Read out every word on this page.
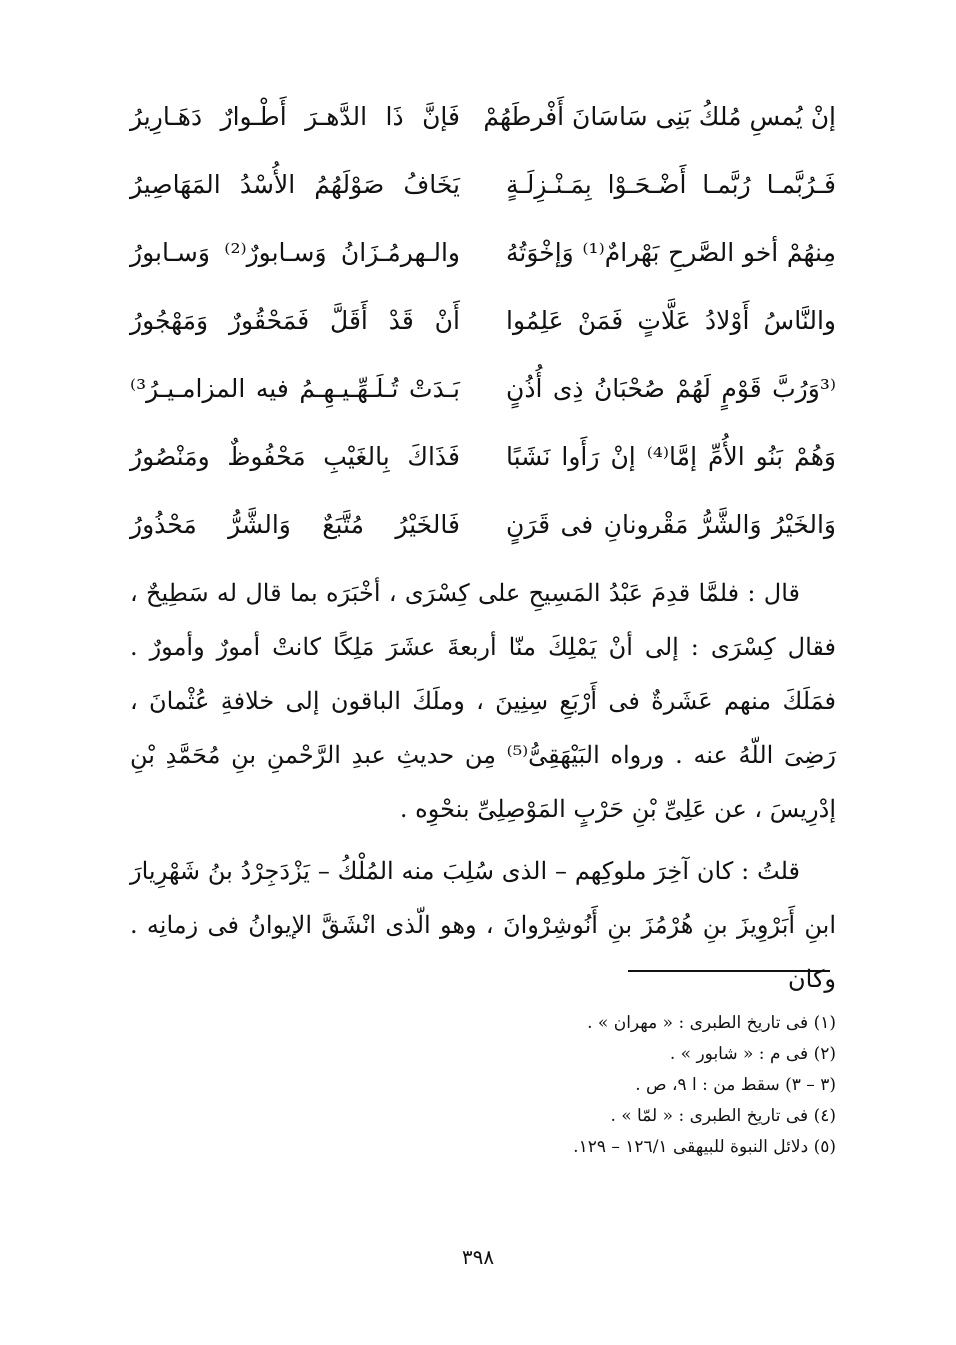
إنْ يُمسِ مُلكُ بَنِى سَاسَانَ أَفْرطَهُمْ
فَإنَّ ذَا الدَّهـرَ أَطْـوارٌ دَهَـارِيرُ
فَـرُبَّمـا رُبَّمـا أَضْـحَـوْا بِمَـنْـزِلَـةٍ
يَخَافُ صَوْلَهُمُ الأُسْدُ المَهَاصِيرُ
مِنهُمْ أخو الصَّرحِ بَهْرامٌ⁽¹⁾ وَإخْوَتُهُ
والـهرمُـزَانُ وَسـابورٌ⁽²⁾ وَسـابورُ
والنَّاسُ أَوْلادُ عَلَّاتٍ فَمَنْ عَلِمُوا
أَنْ قَدْ أَقَلَّ فَمَحْقُورٌ وَمَهْجُورُ
⁽³وَرُبَّ قَوْمٍ لَهُمْ صُحْبَانُ ذِى أُذُنٍ
بَـدَتْ تُـلَـهِّـيـهِـمُ فيه المزامـيـرُ³⁾
وَهُمْ بَنُو الأُمِّ إمَّا⁽⁴⁾ إنْ رَأَوا نَشَبًا
فَذَاكَ بِالغَيْبِ مَحْفُوظٌ ومَنْصُورُ
وَالخَيْرُ وَالشَّرُّ مَقْرونانِ فى قَرَنٍ
فَالخَيْرُ مُتَّبَعٌ وَالشَّرُّ مَحْذُورُ

قال : فلمَّا قدِمَ عَبْدُ المَسِيحِ على كِسْرَى ، أخْبَرَه بما قال له سَطِيحٌ ، فقال كِسْرَى : إلى أنْ يَمْلِكَ منّا أربعةَ عشَرَ مَلِكًا كانتْ أمورٌ وأمورٌ . فمَلَكَ منهم عَشَرةٌ فى أَرْبَعِ سِنِينَ ، وملَكَ الباقون إلى خلافةِ عُثْمانَ ، رَضِىَ اللّهُ عنه . ورواه البَيْهَقِىُّ⁽⁵⁾ مِن حديثِ عبدِ الرَّحْمنِ بنِ مُحَمَّدِ بْنِ إدْرِيسَ ، عن عَلِىِّ بْنِ حَرْبٍ المَوْصِلِىِّ بنحْوِه .

قلتُ : كان آخِرَ ملوكِهم – الذى سُلِبَ منه المُلْكُ – يَزْدَجِرْدُ بنُ شَهْرِيارَ ابنِ أَبَرْوِيزَ بنِ هُرْمُزَ بنِ أَنُوشِرْوانَ ، وهو الّذى انْشَقَّ الإيوانُ فى زمانِه . وكان

(١) فى تاريخ الطبرى : « مهران » .
(٢) فى م : « شابور » .
(٣ – ٣) سقط من : ا ٩، ص .
(٤) فى تاريخ الطبرى : « لمّا » .
(٥) دلائل النبوة للبيهقى ١٢٦/١ – ١٢٩.
٣٩٨
